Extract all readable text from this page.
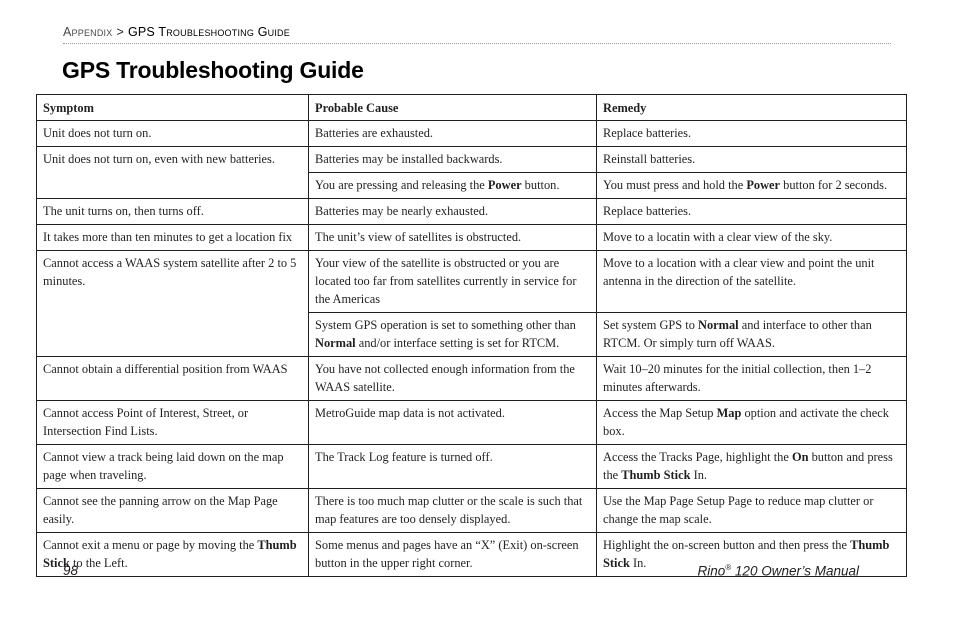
Appendix > GPS Troubleshooting Guide
GPS Troubleshooting Guide
Symptom	Probable Cause	Remedy
Unit does not turn on.	Batteries are exhausted.	Replace batteries.
Unit does not turn on, even with new batteries.	Batteries may be installed backwards.	Reinstall batteries.
	You are pressing and releasing the Power button.	You must press and hold the Power button for 2 seconds.
The unit turns on, then turns off.	Batteries may be nearly exhausted.	Replace batteries.
It takes more than ten minutes to get a location fix	The unit’s view of satellites is obstructed.	Move to a locatin with a clear view of the sky.
Cannot access a WAAS system satellite after 2 to 5 minutes.	Your view of the satellite is obstructed or you are located too far from satellites currently in service for the Americas	Move to a location with a clear view and point the unit antenna in the direction of the satellite.
	System GPS operation is set to something other than Normal and/or interface setting is set for RTCM.	Set system GPS to Normal and interface to other than RTCM. Or simply turn off WAAS.
Cannot obtain a differential position from WAAS	You have not collected enough information from the WAAS satellite.	Wait 10–20 minutes for the initial collection, then 1–2 minutes afterwards.
Cannot access Point of Interest, Street, or Intersection Find Lists.	MetroGuide map data is not activated.	Access the Map Setup Map option and activate the check box.
Cannot view a track being laid down on the map page when traveling.	The Track Log feature is turned off.	Access the Tracks Page, highlight the On button and press the Thumb Stick In.
Cannot see the panning arrow on the Map Page easily.	There is too much map clutter or the scale is such that map features are too densely displayed.	Use the Map Page Setup Page to reduce map clutter or change the map scale.
Cannot exit a menu or page by moving the Thumb Stick to the Left.	Some menus and pages have an “X” (Exit) on-screen button in the upper right corner.	Highlight the on-screen button and then press the Thumb Stick In.
98	Rino® 120 Owner’s Manual
